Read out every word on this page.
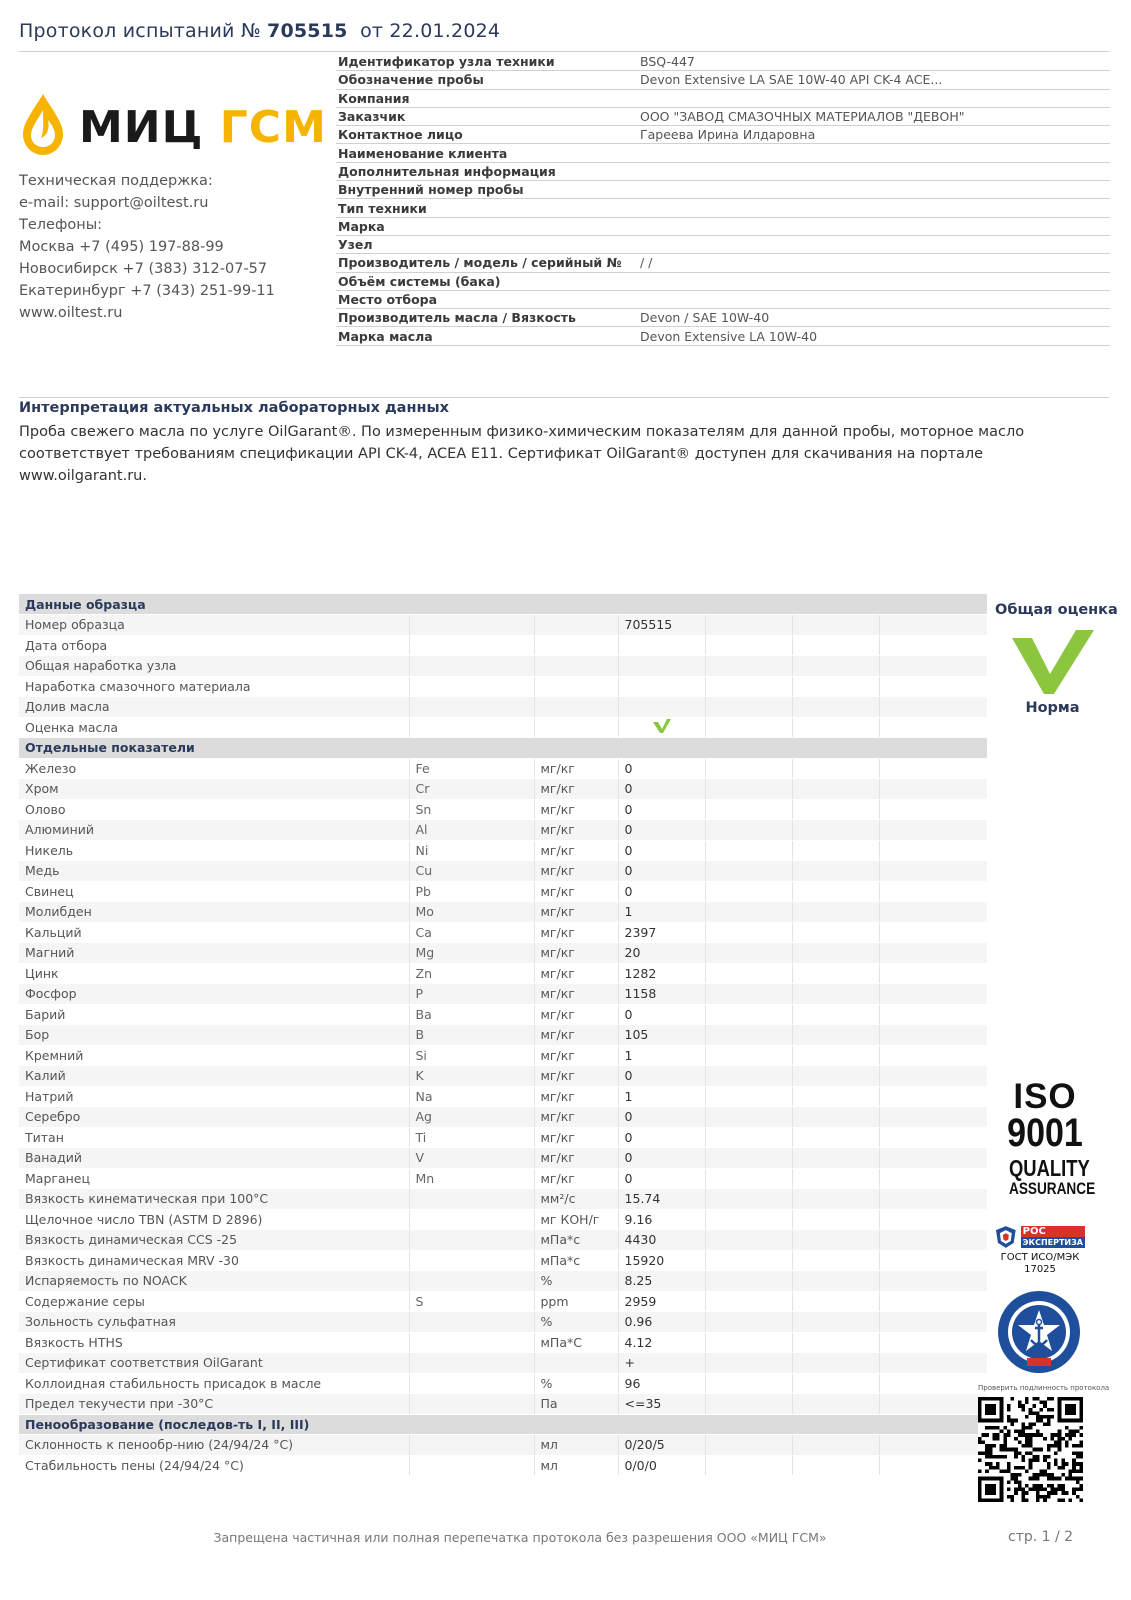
Протокол испытаний № 705515 от 22.01.2024
МИЦ ГСМ
Техническая поддержка:
e-mail: support@oiltest.ru
Телефоны:
Москва +7 (495) 197-88-99
Новосибирск +7 (383) 312-07-57
Екатеринбург +7 (343) 251-99-11
www.oiltest.ru
Идентификатор узла техники	BSQ-447
Обозначение пробы	Devon Extensive LA SAE 10W-40 API CK-4 ACE...
Компания
Заказчик	ООО "ЗАВОД СМАЗОЧНЫХ МАТЕРИАЛОВ "ДЕВОН"
Контактное лицо	Гареева Ирина Илдаровна
Наименование клиента
Дополнительная информация
Внутренний номер пробы
Тип техники
Марка
Узел
Производитель / модель / серийный №	/ /
Объём системы (бака)
Место отбора
Производитель масла / Вязкость	Devon / SAE 10W-40
Марка масла	Devon Extensive LA 10W-40
Интерпретация актуальных лабораторных данных
Проба свежего масла по услуге OilGarant®. По измеренным физико-химическим показателям для данной пробы, моторное масло соответствует требованиям спецификации API CK-4, ACEA E11. Сертификат OilGarant® доступен для скачивания на портале www.oilgarant.ru.
Данные образца						
Номер образца			705515			
Дата отбора						
Общая наработка узла						
Наработка смазочного материала						
Долив масла						
Оценка масла						
Отдельные показатели						
Железо	Fe	мг/кг	0			
Хром	Cr	мг/кг	0			
Олово	Sn	мг/кг	0			
Алюминий	Al	мг/кг	0			
Никель	Ni	мг/кг	0			
Медь	Cu	мг/кг	0			
Свинец	Pb	мг/кг	0			
Молибден	Mo	мг/кг	1			
Кальций	Ca	мг/кг	2397			
Магний	Mg	мг/кг	20			
Цинк	Zn	мг/кг	1282			
Фосфор	P	мг/кг	1158			
Барий	Ba	мг/кг	0			
Бор	B	мг/кг	105			
Кремний	Si	мг/кг	1			
Калий	K	мг/кг	0			
Натрий	Na	мг/кг	1			
Серебро	Ag	мг/кг	0			
Титан	Ti	мг/кг	0			
Ванадий	V	мг/кг	0			
Марганец	Mn	мг/кг	0			
Вязкость кинематическая при 100°С		мм²/с	15.74			
Щелочное число TBN (ASTM D 2896)		мг КОН/г	9.16			
Вязкость динамическая CCS -25		мПа*с	4430			
Вязкость динамическая MRV -30		мПа*с	15920			
Испаряемость по NOACK		%	8.25			
Содержание серы	S	ppm	2959			
Зольность сульфатная		%	0.96			
Вязкость HTHS		мПа*С	4.12			
Сертификат соответствия OilGarant			+			
Коллоидная стабильность присадок в масле		%	96			
Предел текучести при -30°С		Па	<=35			
Пенообразование (последов-ть I, II, III)						
Склонность к пенообр-нию (24/94/24 °C)		мл	0/20/5			
Стабильность пены (24/94/24 °C)		мл	0/0/0			
Общая оценка
Норма
ISO
9001
QUALITY
ASSURANCE
РОС
ЭКСПЕРТИЗА
ГОСТ ИСО/МЭК 17025
Проверить подлинность протокола
Запрещена частичная или полная перепечатка протокола без разрешения ООО «МИЦ ГСМ»	стр. 1 / 2
